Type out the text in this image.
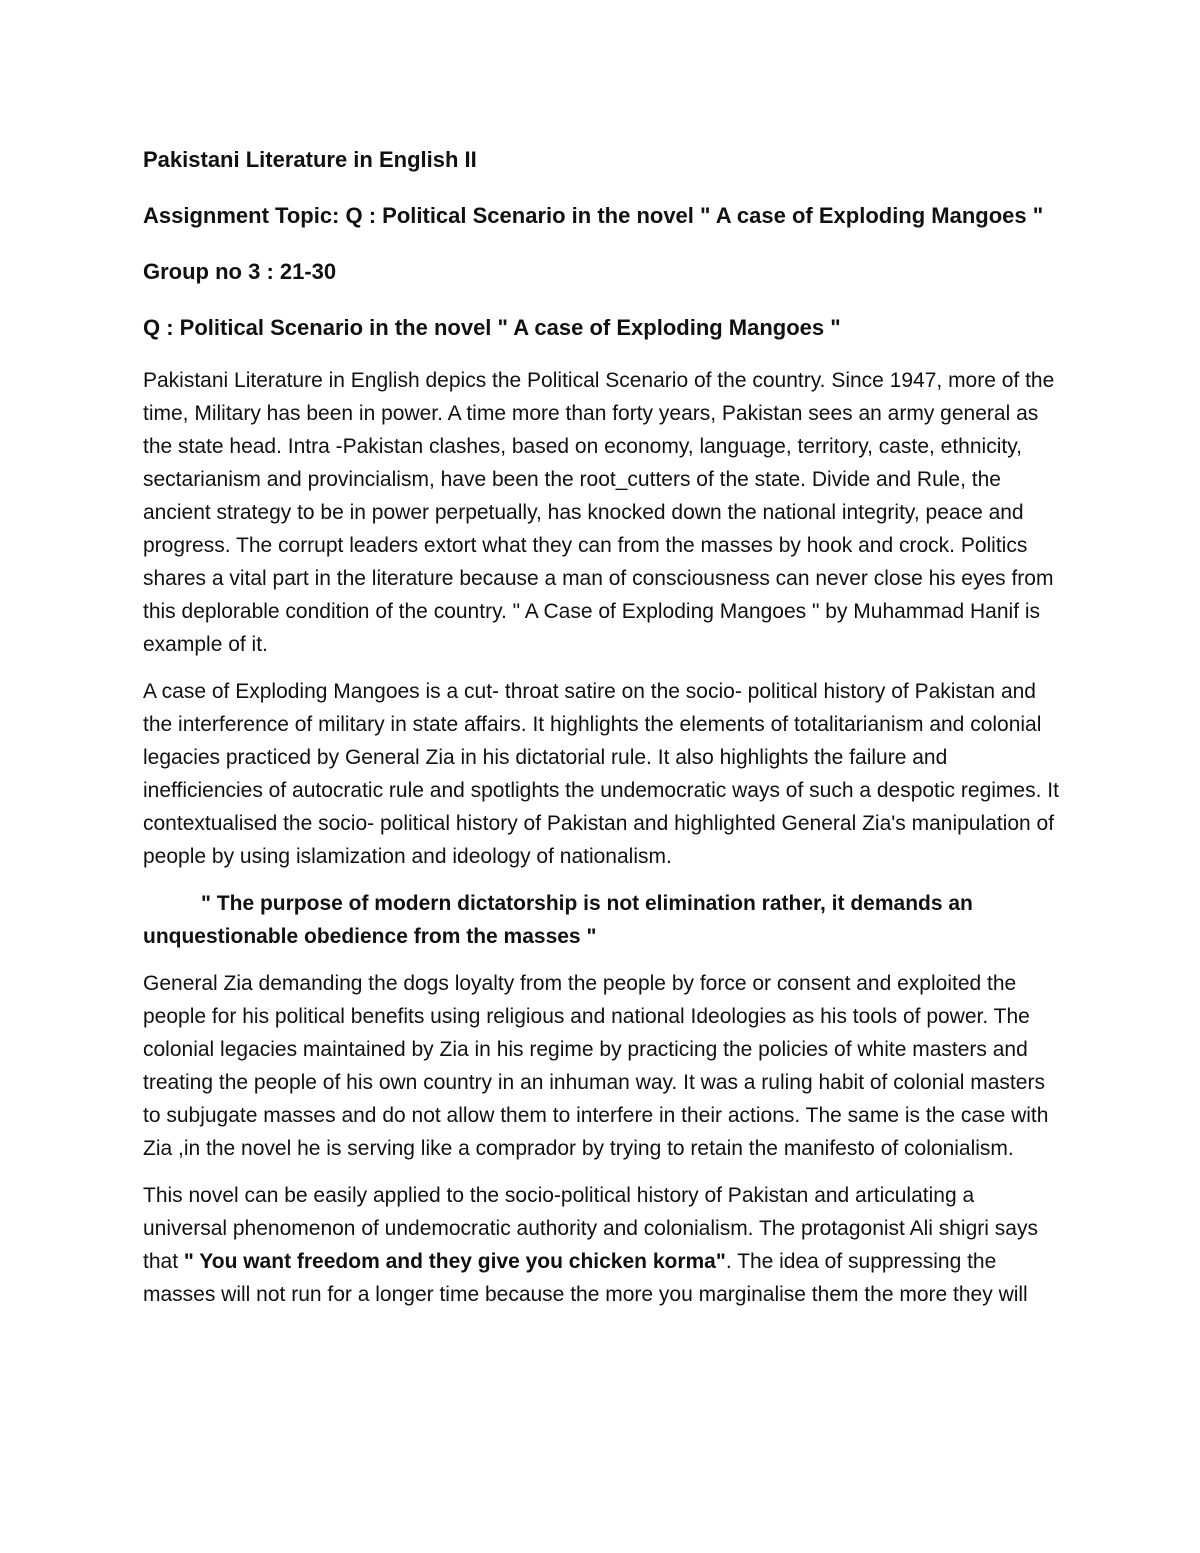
Pakistani Literature in English II
Assignment Topic: Q : Political Scenario in the novel " A case of Exploding Mangoes "
Group no 3 : 21-30
Q : Political Scenario in the novel " A case of Exploding Mangoes "

Pakistani Literature in English depics the Political Scenario of the country. Since 1947, more of the time, Military has been in power. A time more than forty years, Pakistan sees an army general as the state head. Intra -Pakistan clashes, based on economy, language, territory, caste, ethnicity, sectarianism and provincialism, have been the root_cutters of the state. Divide and Rule, the ancient strategy to be in power perpetually, has knocked down the national integrity, peace and progress. The corrupt leaders extort what they can from the masses by hook and crock. Politics shares a vital part in the literature because a man of consciousness can never close his eyes from this deplorable condition of the country. " A Case of Exploding Mangoes " by Muhammad Hanif is example of it.

A case of Exploding Mangoes is a cut- throat satire on the socio- political history of Pakistan and the interference of military in state affairs. It highlights the elements of totalitarianism and colonial legacies practiced by General Zia in his dictatorial rule. It also highlights the failure and inefficiencies of autocratic rule and spotlights the undemocratic ways of such a despotic regimes. It contextualised the socio- political history of Pakistan and highlighted General Zia's manipulation of people by using islamization and ideology of nationalism.

" The purpose of modern dictatorship is not elimination rather, it demands an unquestionable obedience from the masses "

General Zia demanding the dogs loyalty from the people by force or consent and exploited the people for his political benefits using religious and national Ideologies as his tools of power. The colonial legacies maintained by Zia in his regime by practicing the policies of white masters and treating the people of his own country in an inhuman way. It was a ruling habit of colonial masters to subjugate masses and do not allow them to interfere in their actions. The same is the case with Zia ,in the novel he is serving like a comprador by trying to retain the manifesto of colonialism.

This novel can be easily applied to the socio-political history of Pakistan and articulating a universal phenomenon of undemocratic authority and colonialism. The protagonist Ali shigri says that " You want freedom and they give you chicken korma". The idea of suppressing the masses will not run for a longer time because the more you marginalise them the more they will
